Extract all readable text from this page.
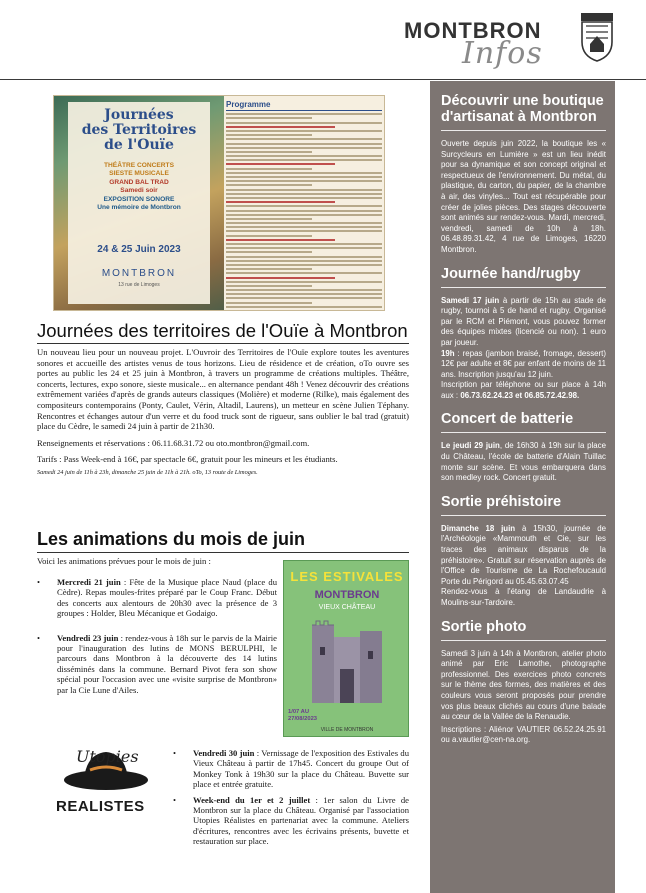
MONTBRON
Infos
Journées
des Territoires
de l'Ouïe
THÉÂTRE CONCERTS
SIESTE MUSICALE
GRAND BAL TRAD
Samedi soir
EXPOSITION SONORE
Une mémoire de Montbron
24 & 25 Juin 2023
MONTBRON
13 rue de Limoges
Programme
Journées des territoires de l'Ouïe à Montbron

Un nouveau lieu pour un nouveau projet. L'Ouvroir des Territoires de l'Ouïe explore toutes les aventures sonores et accueille des artistes venus de tous horizons. Lieu de résidence et de création, oTo ouvre ses portes au public les 24 et 25 juin à Montbron, à travers un programme de créations multiples. Théâtre, concerts, lectures, expo sonore, sieste musicale... en alternance pendant 48h ! Venez découvrir des créations extrêmement variées d'après de grands auteurs classiques (Molière) et moderne (Rilke), mais également des compositeurs contemporains (Ponty, Caulet, Vérin, Altadil, Laurens), un metteur en scène Julien Téphany. Rencontres et échanges autour d'un verre et du food truck sont de rigueur, sans oublier le bal trad (gratuit) place du Cèdre, le samedi 24 juin à partir de 21h30.

Renseignements et réservations : 06.11.68.31.72 ou oto.montbron@gmail.com.

Tarifs : Pass Week-end à 16€, par spectacle 6€, gratuit pour les mineurs et les étudiants.

Samedi 24 juin de 11h à 23h, dimanche 25 juin de 11h à 21h. oTo, 13 route de Limoges.

Les animations du mois de juin

Voici les animations prévues pour le mois de juin :

• Mercredi 21 juin : Fête de la Musique place Naud (place du Cèdre). Repas moules-frites préparé par le Coup Franc. Début des concerts aux alentours de 20h30 avec la présence de 3 groupes : Holder, Bleu Mécanique et Godaigo.
• Vendredi 23 juin : rendez-vous à 18h sur le parvis de la Mairie pour l'inauguration des lutins de MONS BERULPHI, le parcours dans Montbron à la découverte des 14 lutins disséminés dans la commune. Bernard Pivot fera son show spécial pour l'occasion avec une «visite surprise de Montbron» par la Cie Lune d'Ailes.
LES ESTIVALES
MONTBRON
VIEUX CHÂTEAU
1/07 AU 27/08/2023
VILLE DE MONTBRON
Utopies
REALISTES
• Vendredi 30 juin : Vernissage de l'exposition des Estivales du Vieux Château à partir de 17h45. Concert du groupe Out of Monkey Tonk à 19h30 sur la place du Château. Buvette sur place et entrée gratuite.
• Week-end du 1er et 2 juillet : 1er salon du Livre de Montbron sur la place du Château. Organisé par l'association Utopies Réalistes en partenariat avec la commune. Ateliers d'écritures, rencontres avec les écrivains présents, buvette et restauration sur place.
Découvrir une boutique d'artisanat à Montbron

Ouverte depuis juin 2022, la boutique les « Surcycleurs en Lumière » est un lieu inédit pour sa dynamique et son concept original et respectueux de l'environnement. Du métal, du plastique, du carton, du papier, de la chambre à air, des vinyles... Tout est récupérable pour créer de jolies pièces. Des stages découverte sont animés sur rendez-vous. Mardi, mercredi, vendredi, samedi de 10h à 18h. 06.48.89.31.42, 4 rue de Limoges, 16220 Montbron.

Journée hand/rugby

Samedi 17 juin à partir de 15h au stade de rugby, tournoi à 5 de hand et rugby. Organisé par le RCM et Piémont, vous pouvez former des équipes mixtes (licencié ou non). 1 euro par joueur.

19h : repas (jambon braisé, fromage, dessert) 12€ par adulte et 8€ par enfant de moins de 11 ans. Inscription jusqu'au 12 juin.

Inscription par téléphone ou sur place à 14h aux : 06.73.62.24.23 et 06.85.72.42.98.

Concert de batterie

Le jeudi 29 juin, de 16h30 à 19h sur la place du Château, l'école de batterie d'Alain Tuillac monte sur scène. Et vous embarquera dans son medley rock. Concert gratuit.

Sortie préhistoire

Dimanche 18 juin à 15h30, journée de l'Archéologie «Mammouth et Cie, sur les traces des animaux disparus de la préhistoire». Gratuit sur réservation auprès de l'Office de Tourisme de La Rochefoucauld Porte du Périgord au 05.45.63.07.45

Rendez-vous à l'étang de Landaudrie à Moulins-sur-Tardoire.

Sortie photo

Samedi 3 juin à 14h à Montbron, atelier photo animé par Eric Lamothe, photographe professionnel. Des exercices photo concrets sur le thème des formes, des matières et des couleurs vous seront proposés pour prendre vos plus beaux clichés au cours d'une balade au cœur de la Vallée de la Renaudie.

Inscriptions : Aliénor VAUTIER 06.52.24.25.91 ou a.vautier@cen-na.org.
